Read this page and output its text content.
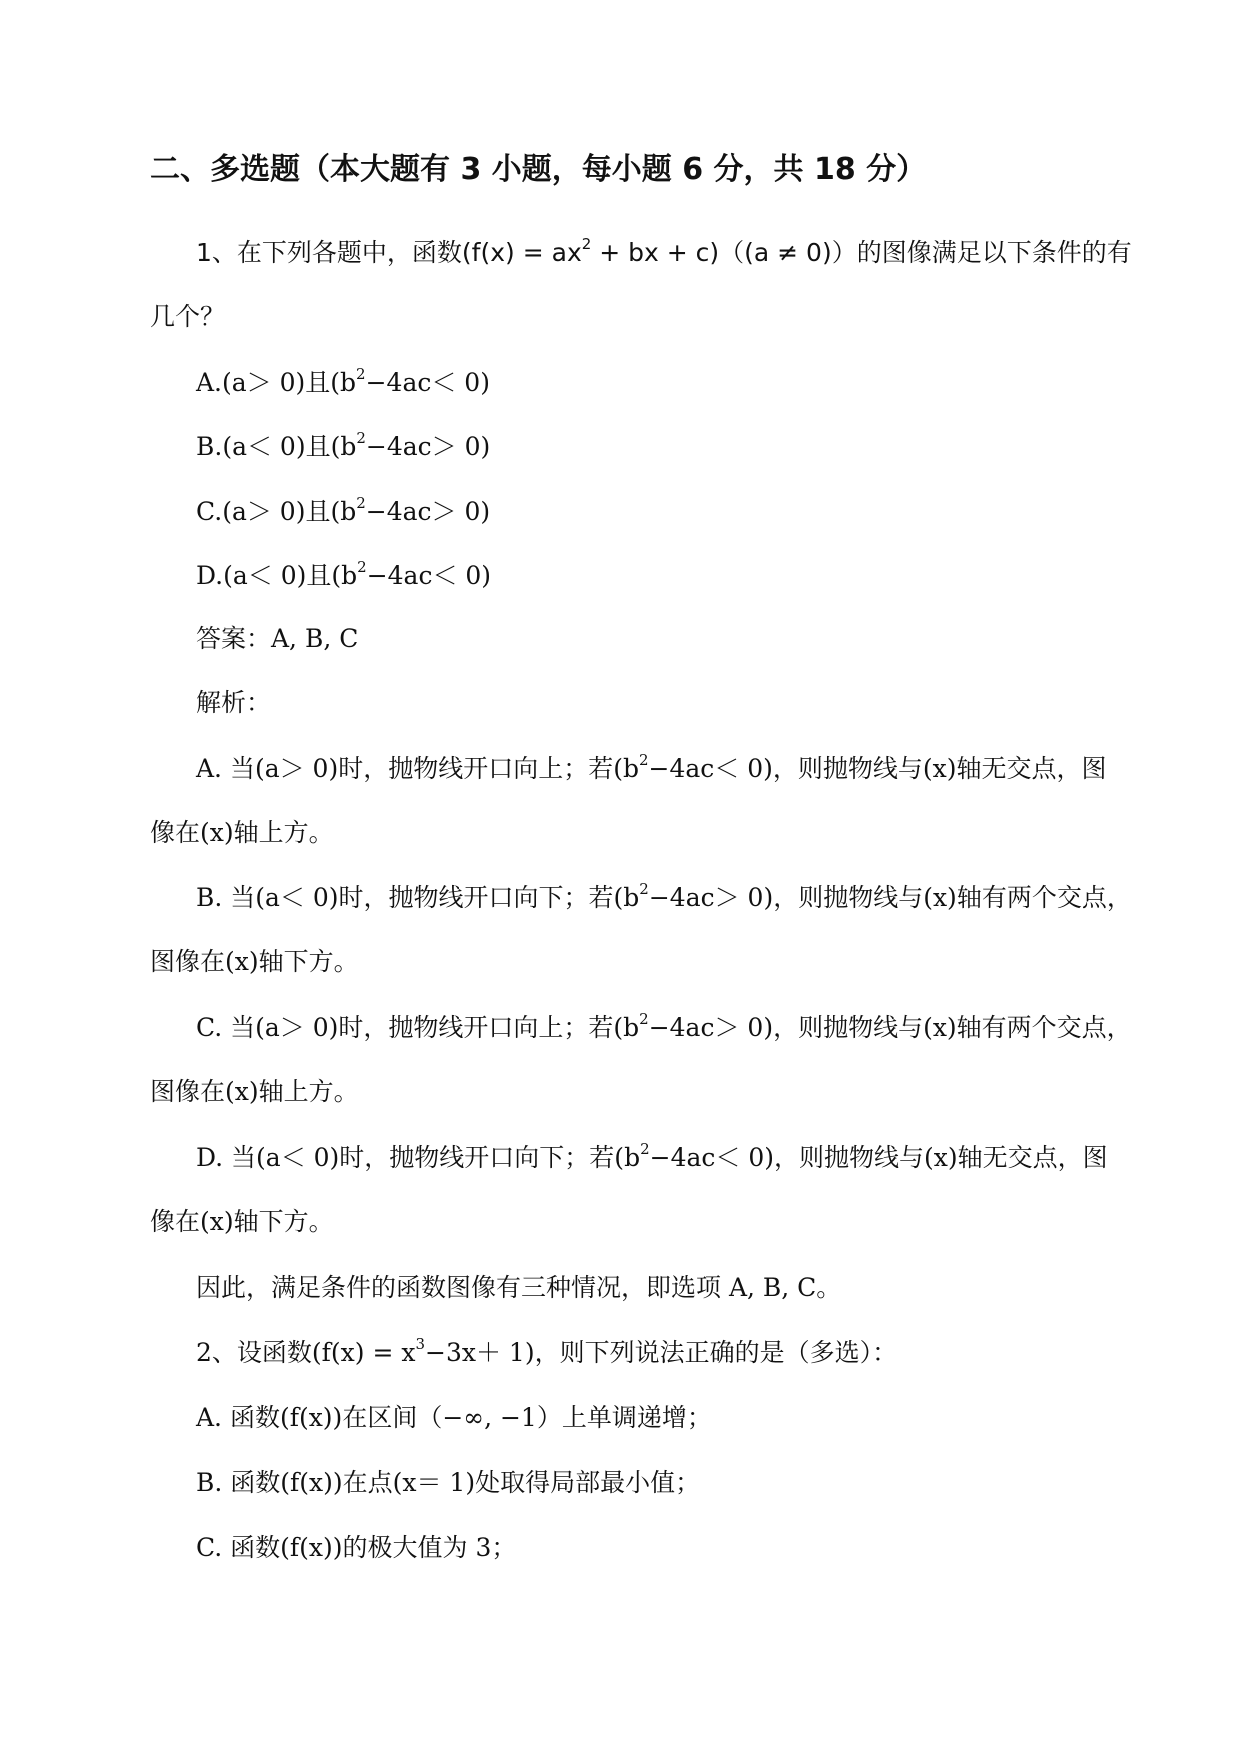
二、多选题（本大题有 3 小题，每小题 6 分，共 18 分）
1、在下列各题中，函数($f(x) = ax^2$ + bx + c)（(a ≠ 0)）的图像满足以下条件的有
几个？
A.(a＞ 0)且$(b^2-4ac< 0)$
B.(a＜ 0)且$(b^2-4ac> 0)$
C.(a＞ 0)且$(b^2-4ac> 0)$
D.(a＜ 0)且$(b^2-4ac< 0)$
答案：A, B, C
解析：
A. 当(a＞ 0)时，抛物线开口向上；若$(b^2-4ac< 0)$，则抛物线与(x)轴无交点，图
像在(x)轴上方。
B. 当(a＜ 0)时，抛物线开口向下；若$(b^2-4ac> 0)$，则抛物线与(x)轴有两个交点，
图像在(x)轴下方。
C. 当(a＞ 0)时，抛物线开口向上；若$(b^2-4ac> 0)$，则抛物线与(x)轴有两个交点，
图像在(x)轴上方。
D. 当(a＜ 0)时，抛物线开口向下；若$(b^2-4ac< 0)$，则抛物线与(x)轴无交点，图
像在(x)轴下方。
因此，满足条件的函数图像有三种情况，即选项 A, B, C。
2、设函数$(f(x) = x^3-3x+ 1)$，则下列说法正确的是（多选）：
A. 函数(f(x))在区间（−∞, −1）上单调递增；
B. 函数(f(x))在点(x＝ 1)处取得局部最小值；
C. 函数(f(x))的极大值为 3；
